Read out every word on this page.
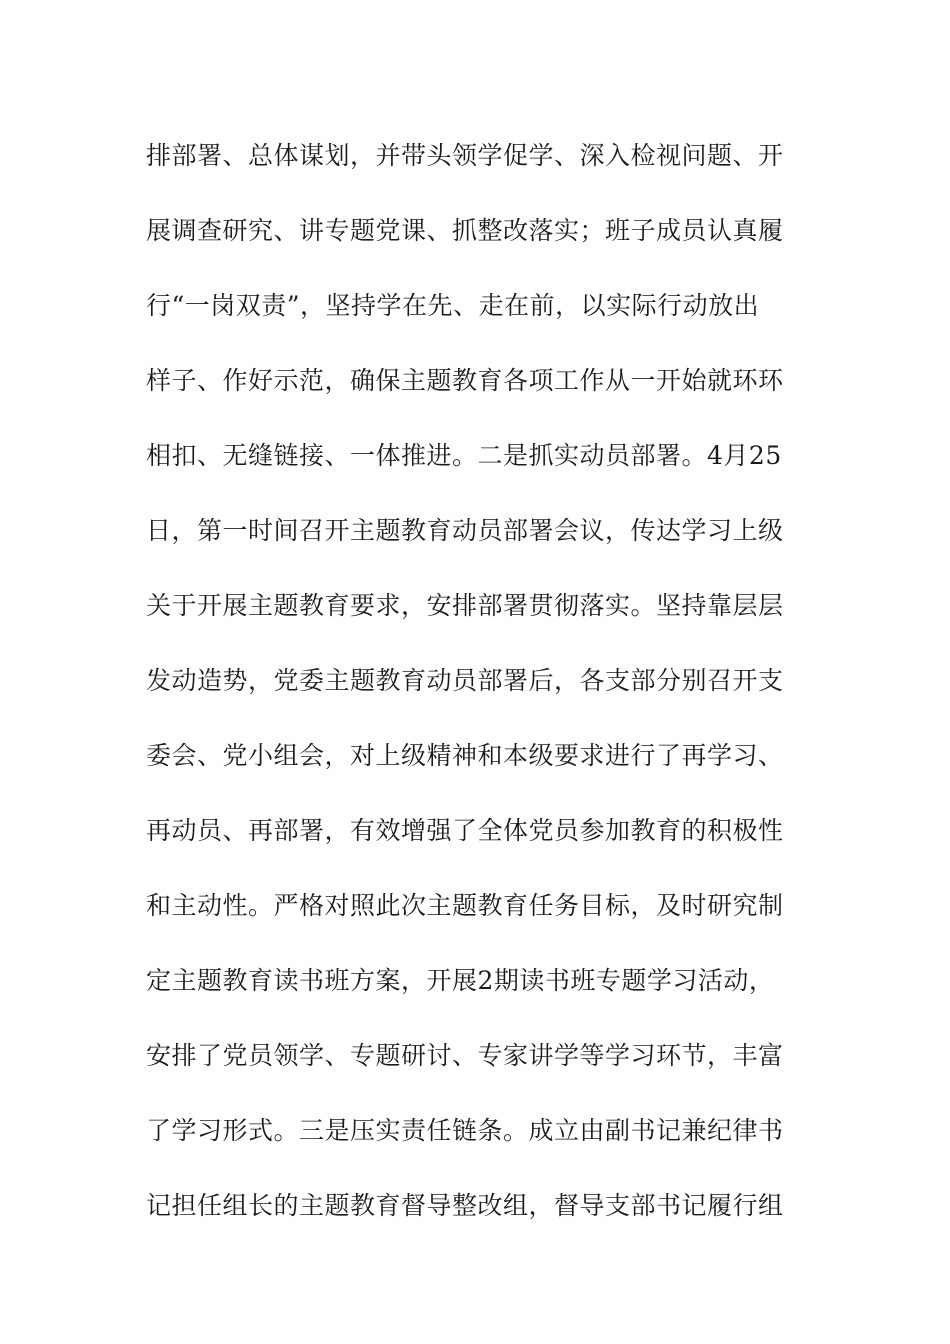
排部署、总体谋划，并带头领学促学、深入检视问题、开
展调查研究、讲专题党课、抓整改落实；班子成员认真履
行“一岗双责”，坚持学在先、走在前，以实际行动放出
样子、作好示范，确保主题教育各项工作从一开始就环环
相扣、无缝链接、一体推进。二是抓实动员部署。4月25
日，第一时间召开主题教育动员部署会议，传达学习上级
关于开展主题教育要求，安排部署贯彻落实。坚持靠层层
发动造势，党委主题教育动员部署后，各支部分别召开支
委会、党小组会，对上级精神和本级要求进行了再学习、
再动员、再部署，有效增强了全体党员参加教育的积极性
和主动性。严格对照此次主题教育任务目标，及时研究制
定主题教育读书班方案，开展2期读书班专题学习活动，
安排了党员领学、专题研讨、专家讲学等学习环节，丰富
了学习形式。三是压实责任链条。成立由副书记兼纪律书
记担任组长的主题教育督导整改组，督导支部书记履行组
